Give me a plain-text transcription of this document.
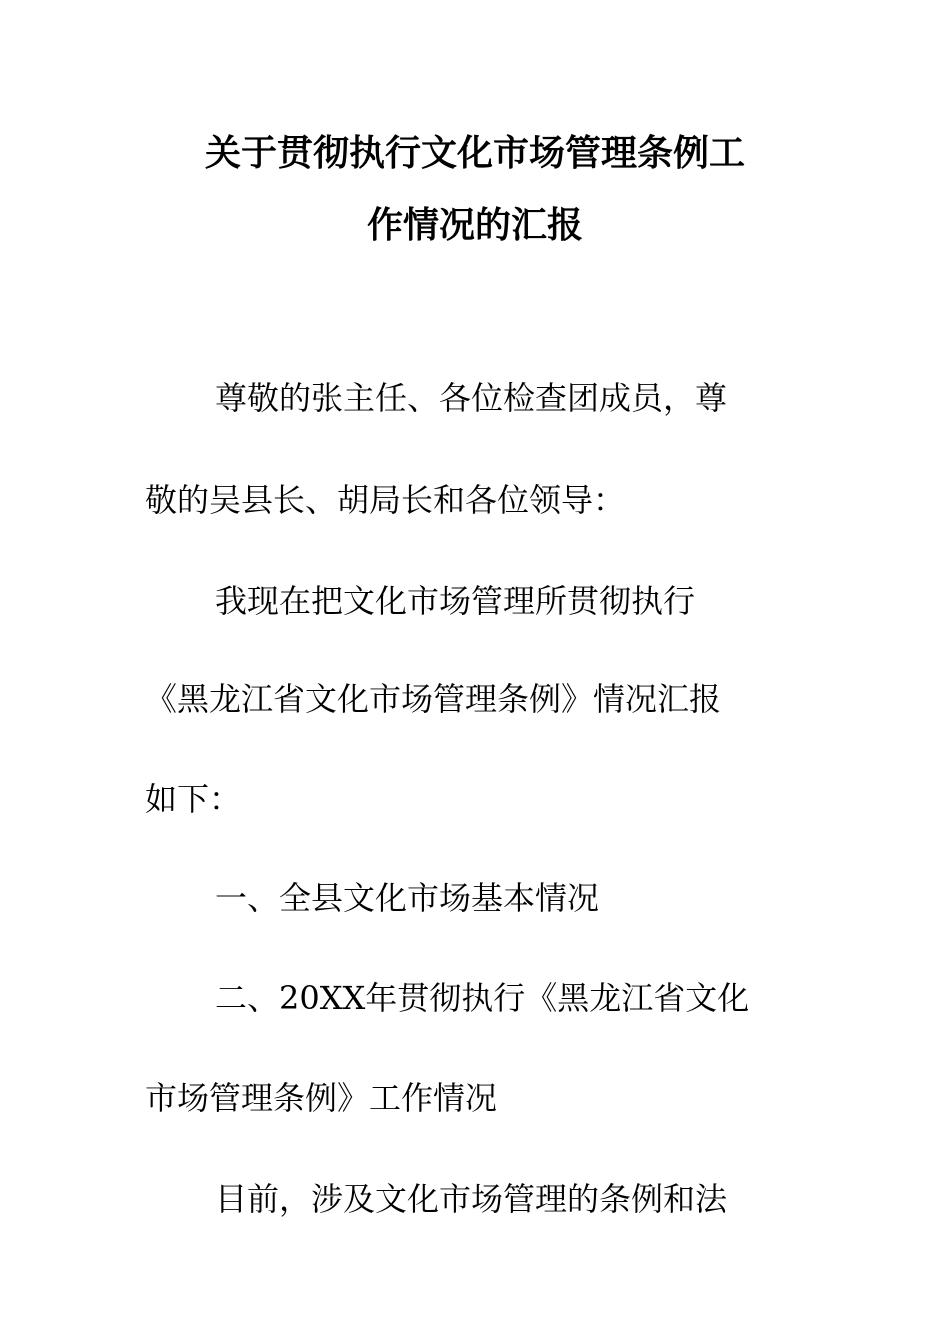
关于贯彻执行文化市场管理条例工
作情况的汇报
尊敬的张主任、各位检查团成员，尊
敬的吴县长、胡局长和各位领导：
我现在把文化市场管理所贯彻执行
《黑龙江省文化市场管理条例》情况汇报
如下：
一、全县文化市场基本情况
二、20XX年贯彻执行《黑龙江省文化
市场管理条例》工作情况
目前，涉及文化市场管理的条例和法
